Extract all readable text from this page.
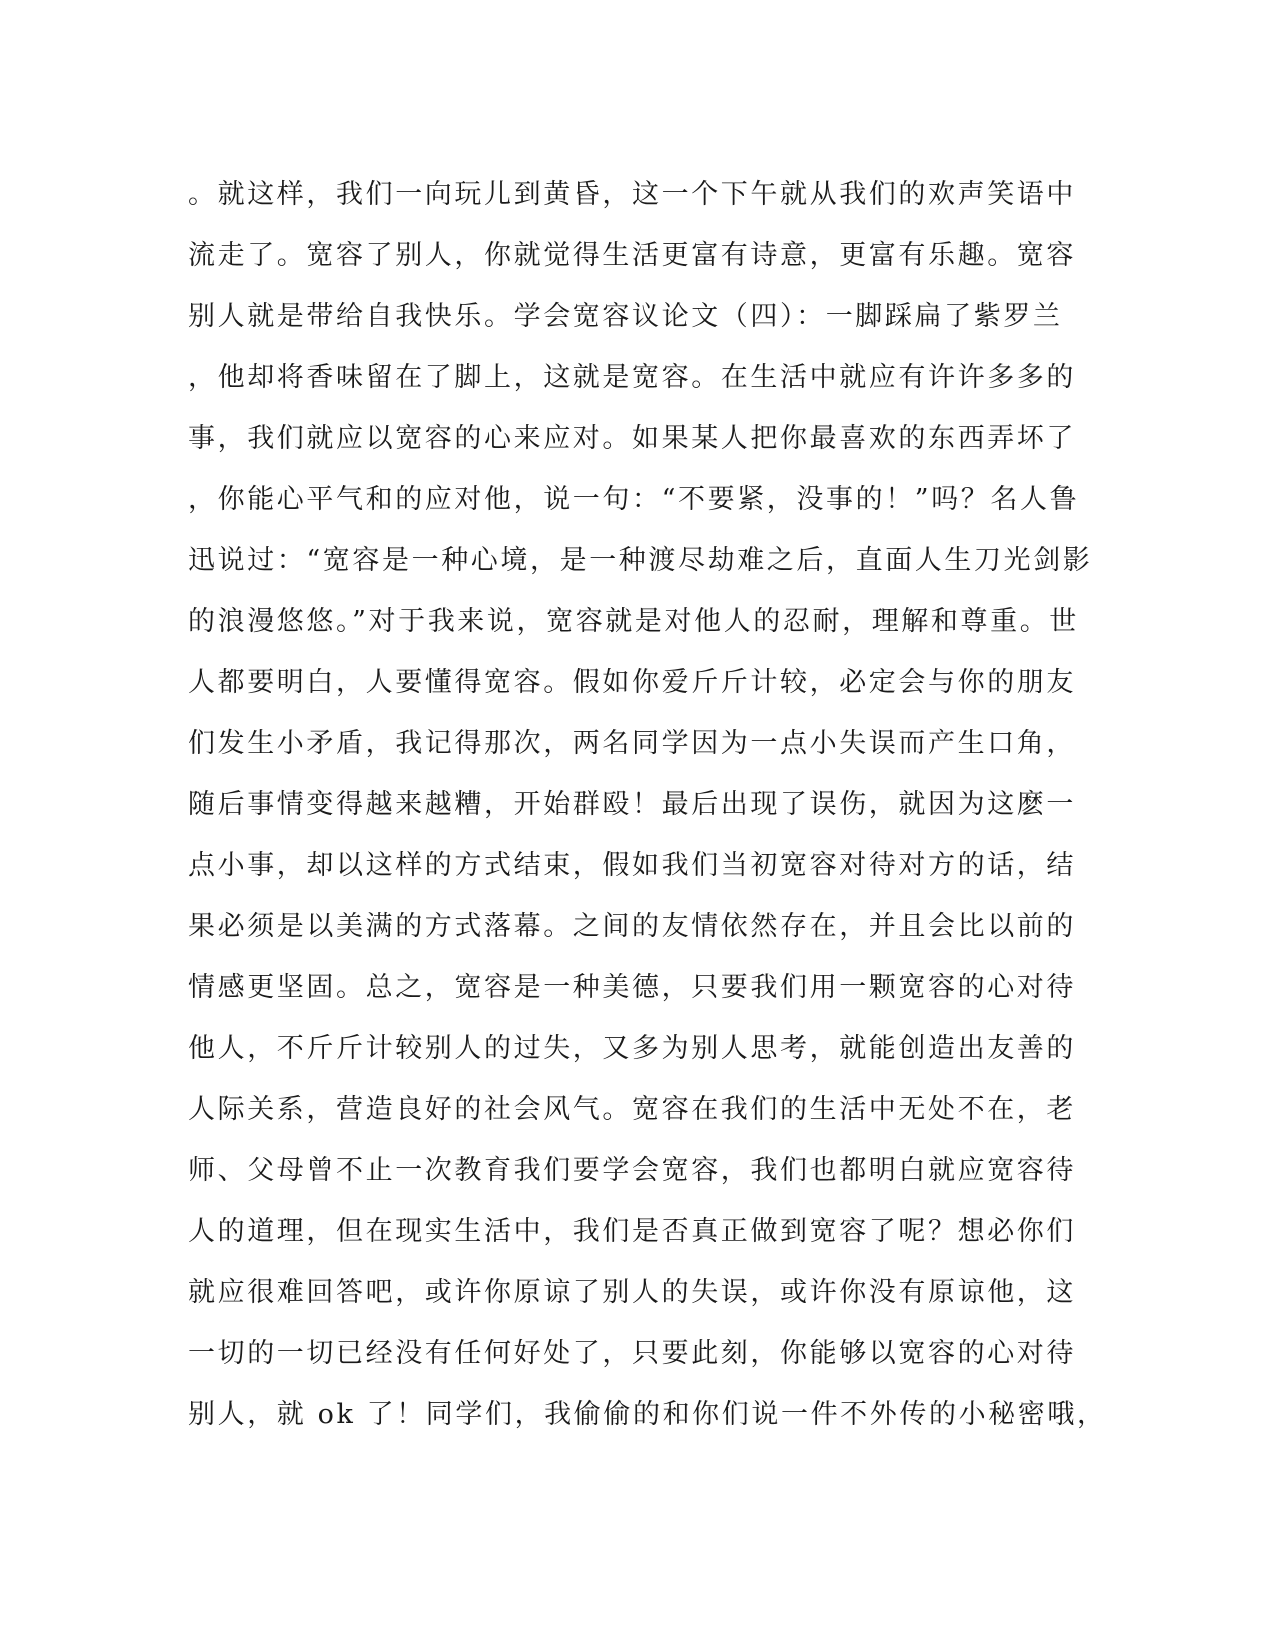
。就这样，我们一向玩儿到黄昏，这一个下午就从我们的欢声笑语中
流走了。宽容了别人，你就觉得生活更富有诗意，更富有乐趣。宽容
别人就是带给自我快乐。学会宽容议论文（四）：一脚踩扁了紫罗兰
，他却将香味留在了脚上，这就是宽容。在生活中就应有许许多多的
事，我们就应以宽容的心来应对。如果某人把你最喜欢的东西弄坏了
，你能心平气和的应对他，说一句：“不要紧，没事的！”吗？名人鲁
迅说过：“宽容是一种心境，是一种渡尽劫难之后，直面人生刀光剑影
的浪漫悠悠。”对于我来说，宽容就是对他人的忍耐，理解和尊重。世
人都要明白，人要懂得宽容。假如你爱斤斤计较，必定会与你的朋友
们发生小矛盾，我记得那次，两名同学因为一点小失误而产生口角，
随后事情变得越来越糟，开始群殴！最后出现了误伤，就因为这麽一
点小事，却以这样的方式结束，假如我们当初宽容对待对方的话，结
果必须是以美满的方式落幕。之间的友情依然存在，并且会比以前的
情感更坚固。总之，宽容是一种美德，只要我们用一颗宽容的心对待
他人，不斤斤计较别人的过失，又多为别人思考，就能创造出友善的
人际关系，营造良好的社会风气。宽容在我们的生活中无处不在，老
师、父母曾不止一次教育我们要学会宽容，我们也都明白就应宽容待
人的道理，但在现实生活中，我们是否真正做到宽容了呢？想必你们
就应很难回答吧，或许你原谅了别人的失误，或许你没有原谅他，这
一切的一切已经没有任何好处了，只要此刻，你能够以宽容的心对待
别人，就 ok 了！同学们，我偷偷的和你们说一件不外传的小秘密哦，
